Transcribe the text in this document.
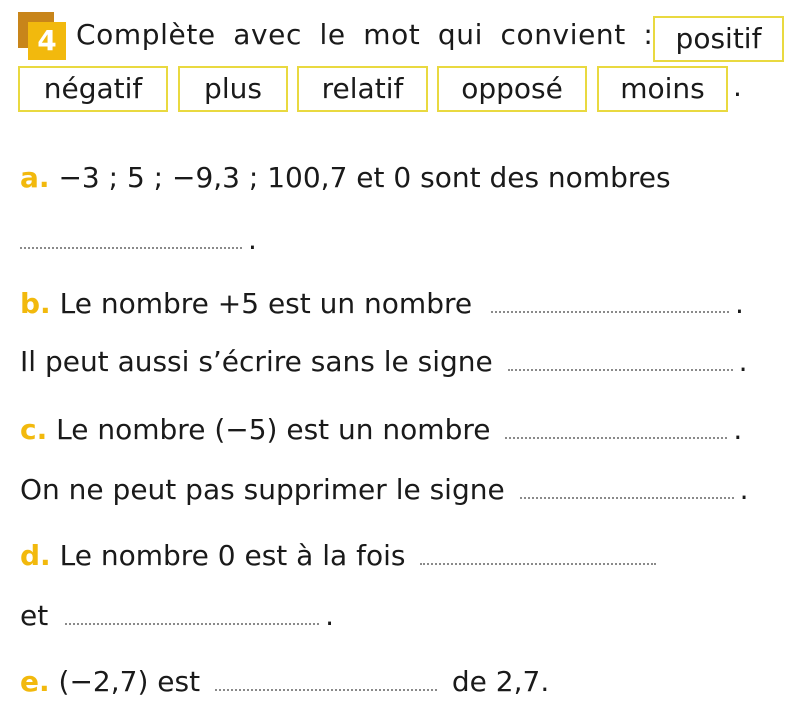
4 Complète avec le mot qui convient : positif
négatif	plus	relatif	opposé	moins	.
a. −3 ; 5 ; −9,3 ; 100,7 et 0 sont des nombres
.
b. Le nombre +5 est un nombre	.
Il peut aussi s’écrire sans le signe	.
c. Le nombre (−5) est un nombre	.
On ne peut pas supprimer le signe	.
d. Le nombre 0 est à la fois
et	.
e. (−2,7) est	de 2,7.
